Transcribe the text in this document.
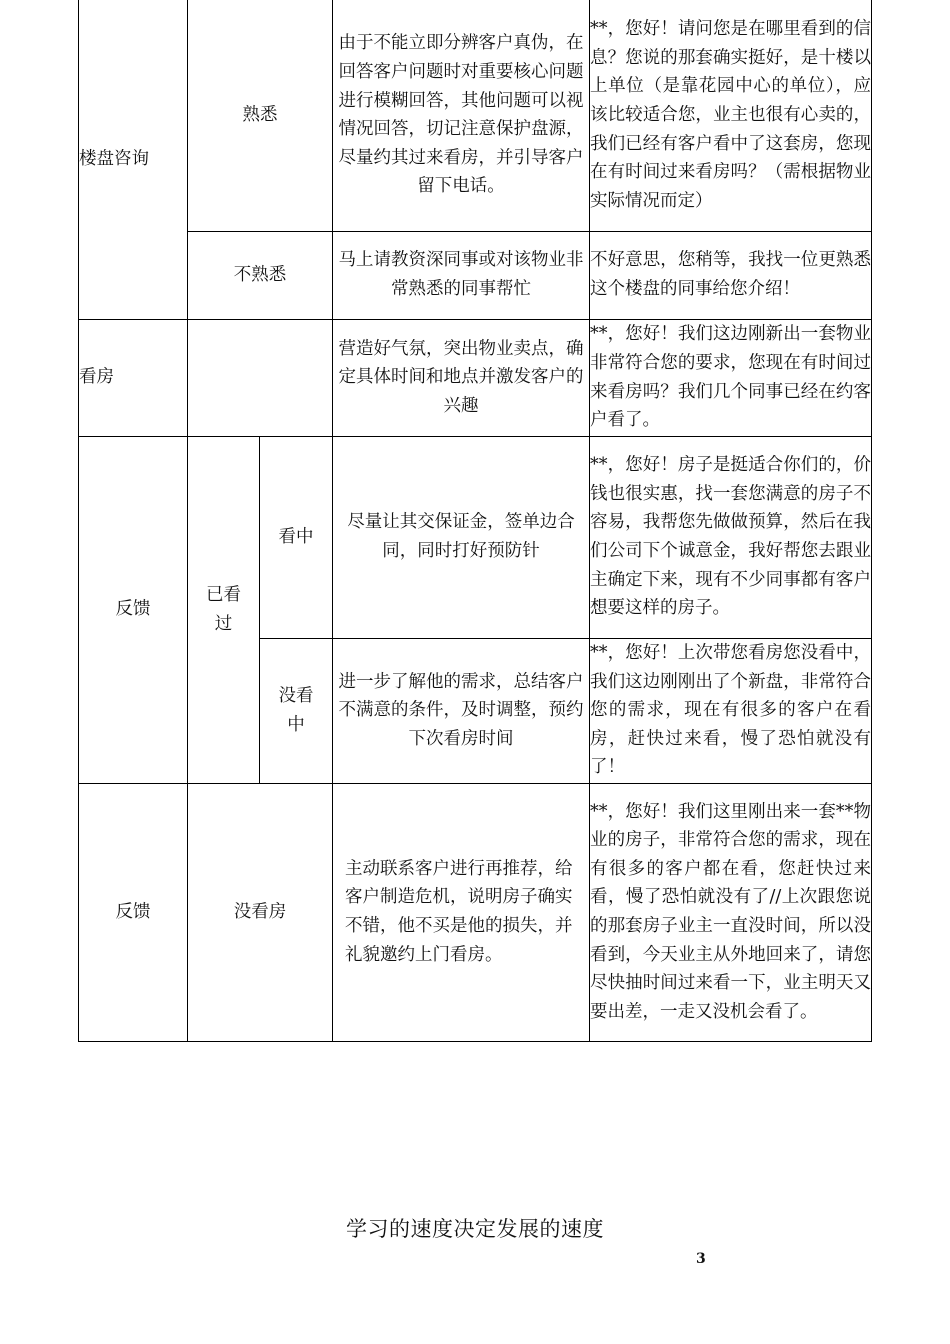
楼盘咨询	熟悉		由于不能立即分辨客户真伪，在回答客户问题时对重要核心问题进行模糊回答，其他问题可以视情况回答，切记注意保护盘源，尽量约其过来看房，并引导客户留下电话。	**，您好！请问您是在哪里看到的信息？您说的那套确实挺好，是十楼以上单位（是靠花园中心的单位），应该比较适合您，业主也很有心卖的，我们已经有客户看中了这套房，您现在有时间过来看房吗？（需根据物业实际情况而定）
	不熟悉		马上请教资深同事或对该物业非常熟悉的同事帮忙	不好意思，您稍等，我找一位更熟悉这个楼盘的同事给您介绍！
看房			营造好气氛，突出物业卖点，确定具体时间和地点并激发客户的兴趣	**，您好！我们这边刚新出一套物业非常符合您的要求，您现在有时间过来看房吗？我们几个同事已经在约客户看了。
反馈	已看过	看中	尽量让其交保证金，签单边合同，同时打好预防针	**，您好！房子是挺适合你们的，价钱也很实惠，找一套您满意的房子不容易，我帮您先做做预算，然后在我们公司下个诚意金，我好帮您去跟业主确定下来，现有不少同事都有客户想要这样的房子。
		没看中	进一步了解他的需求，总结客户不满意的条件，及时调整，预约下次看房时间	**，您好！上次带您看房您没看中，我们这边刚刚出了个新盘，非常符合您的需求，现在有很多的客户在看房，赶快过来看，慢了恐怕就没有了！
反馈	没看房		主动联系客户进行再推荐，给客户制造危机，说明房子确实不错，他不买是他的损失，并礼貌邀约上门看房。	**，您好！我们这里刚出来一套**物业的房子，非常符合您的需求，现在有很多的客户都在看，您赶快过来看，慢了恐怕就没有了//上次跟您说的那套房子业主一直没时间，所以没看到，今天业主从外地回来了，请您尽快抽时间过来看一下，业主明天又要出差，一走又没机会看了。
学习的速度决定发展的速度
3
